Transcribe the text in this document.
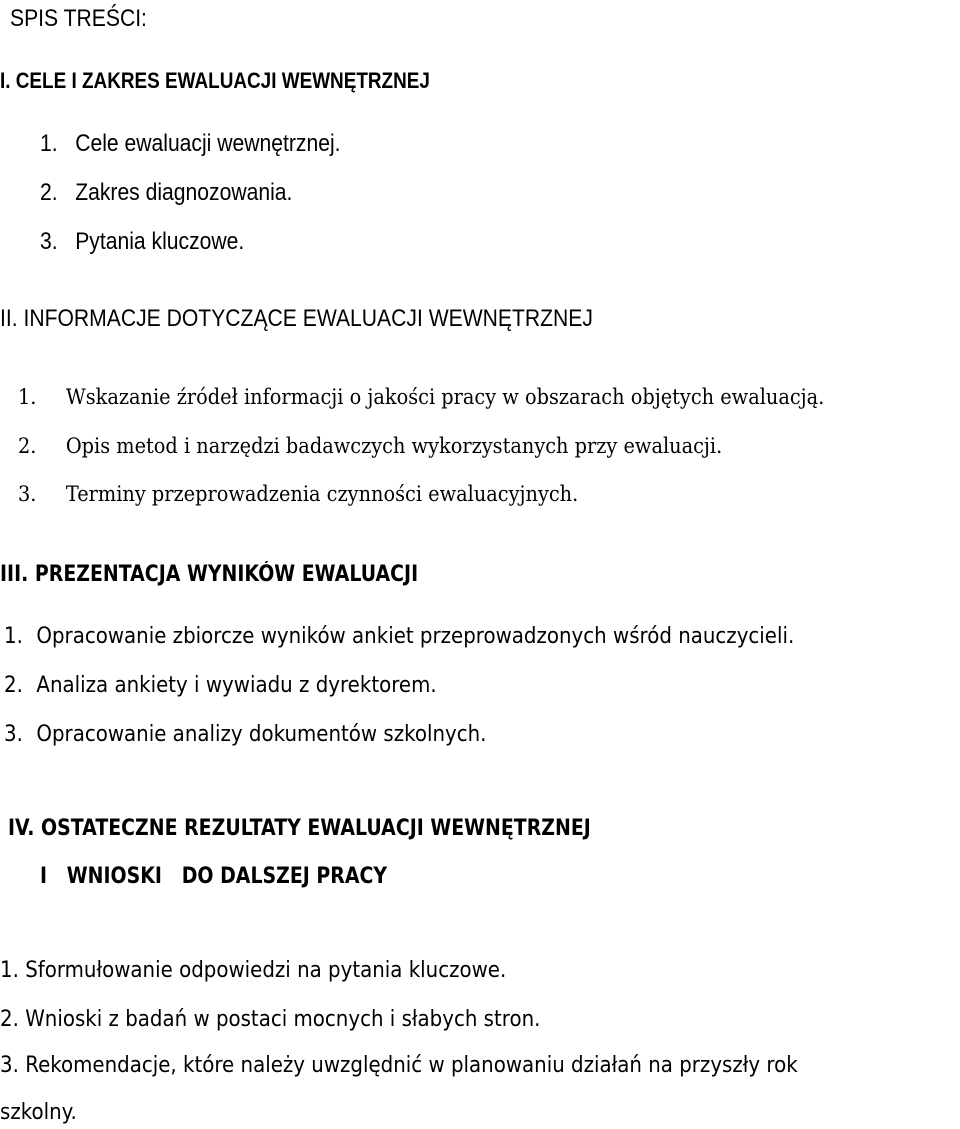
SPIS TREŚCI:
I. CELE I ZAKRES EWALUACJI WEWNĘTRZNEJ
1. Cele ewaluacji wewnętrznej.
2. Zakres diagnozowania.
3. Pytania kluczowe.
II. INFORMACJE DOTYCZĄCE EWALUACJI WEWNĘTRZNEJ
1. Wskazanie źródeł informacji o jakości pracy w obszarach objętych ewaluacją.
2. Opis metod i narzędzi badawczych wykorzystanych przy ewaluacji.
3. Terminy przeprowadzenia czynności ewaluacyjnych.
III. PREZENTACJA WYNIKÓW EWALUACJI
1. Opracowanie zbiorcze wyników ankiet przeprowadzonych wśród nauczycieli.
2. Analiza ankiety i wywiadu z dyrektorem.
3. Opracowanie analizy dokumentów szkolnych.
IV. OSTATECZNE REZULTATY EWALUACJI WEWNĘTRZNEJ
I   WNIOSKI   DO DALSZEJ PRACY
1. Sformułowanie odpowiedzi na pytania kluczowe.
2. Wnioski z badań w postaci mocnych i słabych stron.
3. Rekomendacje, które należy uwzględnić w planowaniu działań na przyszły rok
szkolny.
